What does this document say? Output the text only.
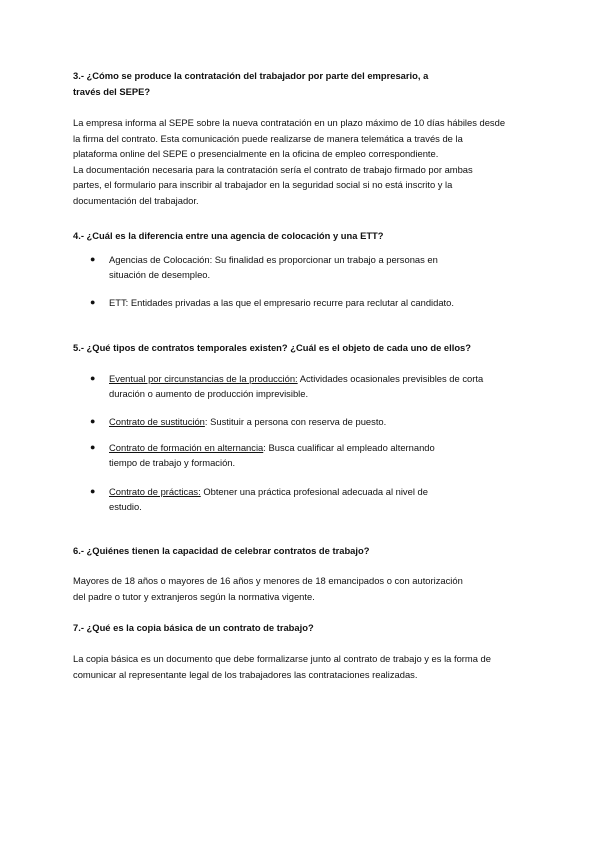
3.- ¿Cómo se produce la contratación del trabajador por parte del empresario, a
través del SEPE?
La empresa informa al SEPE sobre la nueva contratación en un plazo máximo de 10 días hábiles desde
la firma del contrato. Esta comunicación puede realizarse de manera telemática a través de la
plataforma online del SEPE o presencialmente en la oficina de empleo correspondiente.
La documentación necesaria para la contratación sería el contrato de trabajo firmado por ambas
partes, el formulario para inscribir al trabajador en la seguridad social si no está inscrito y la
documentación del trabajador.
4.- ¿Cuál es la diferencia entre una agencia de colocación y una ETT?
●	Agencias de Colocación: Su finalidad es proporcionar un trabajo a personas en
situación de desempleo.
●	ETT: Entidades privadas a las que el empresario recurre para reclutar al candidato.
5.- ¿Qué tipos de contratos temporales existen? ¿Cuál es el objeto de cada uno de ellos?
●	Eventual por circunstancias de la producción: Actividades ocasionales previsibles de corta
duración o aumento de producción imprevisible.
●	Contrato de sustitución: Sustituir a persona con reserva de puesto.
●	Contrato de formación en alternancia: Busca cualificar al empleado alternando
tiempo de trabajo y formación.
●	Contrato de prácticas: Obtener una práctica profesional adecuada al nivel de
estudio.
6.- ¿Quiénes tienen la capacidad de celebrar contratos de trabajo?
Mayores de 18 años o mayores de 16 años y menores de 18 emancipados o con autorización
del padre o tutor y extranjeros según la normativa vigente.
7.- ¿Qué es la copia básica de un contrato de trabajo?
La copia básica es un documento que debe formalizarse junto al contrato de trabajo y es la forma de
comunicar al representante legal de los trabajadores las contrataciones realizadas.
